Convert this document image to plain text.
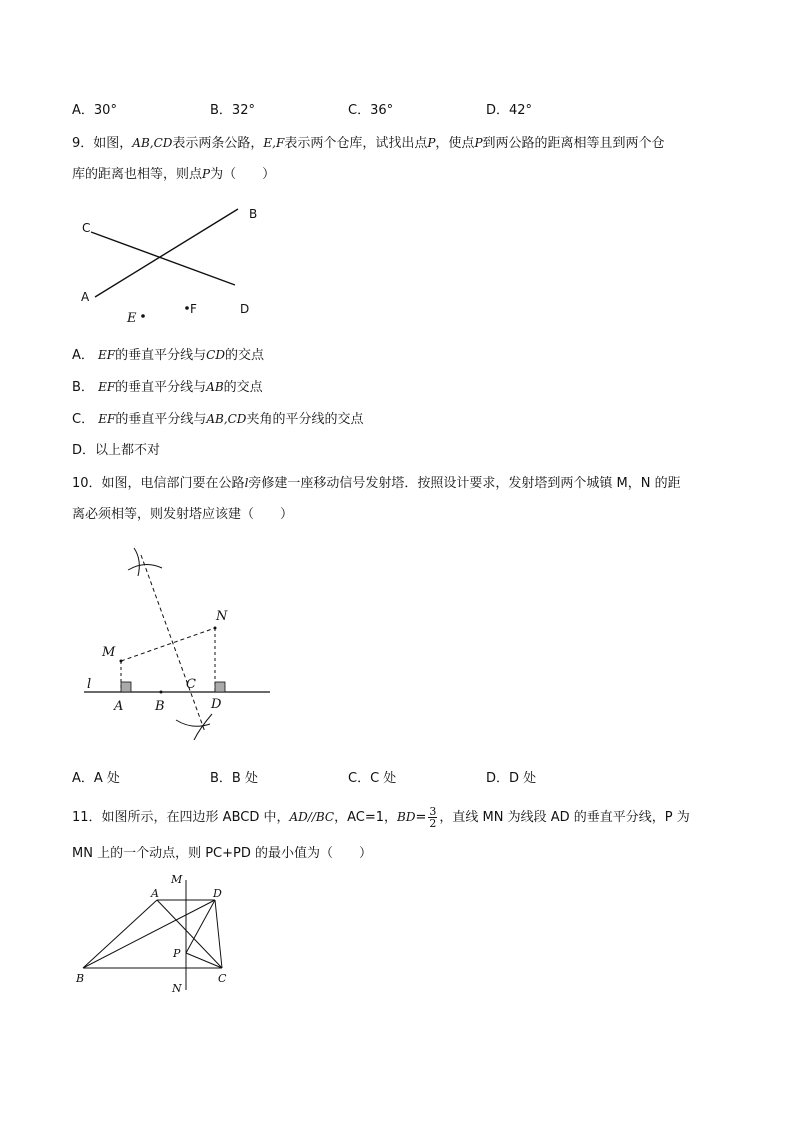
A．30°	B．32°	C．36°	D．42°
9．如图，AB,CD表示两条公路，E,F表示两个仓库，试找出点P，使点P到两公路的距离相等且到两个仓
库的距离也相等，则点P为（　　）
C
B
A
D
F
E
A． EF的垂直平分线与CD的交点
B． EF的垂直平分线与AB的交点
C． EF的垂直平分线与AB,CD夹角的平分线的交点
D．以上都不对
10．如图，电信部门要在公路l旁修建一座移动信号发射塔．按照设计要求，发射塔到两个城镇 M，N 的距
离必须相等，则发射塔应该建（　　）
M
N
l
A B
C
D
A．A 处	B．B 处	C．C 处	D．D 处
11．如图所示，在四边形 ABCD 中，AD//BC，AC=1，$BD= \frac{3}{2}$ ，直线 MN 为线段 AD 的垂直平分线，P 为
MN 上的一个动点，则 PC+PD 的最小值为（　　）
M
A	D
P
B	C
N
